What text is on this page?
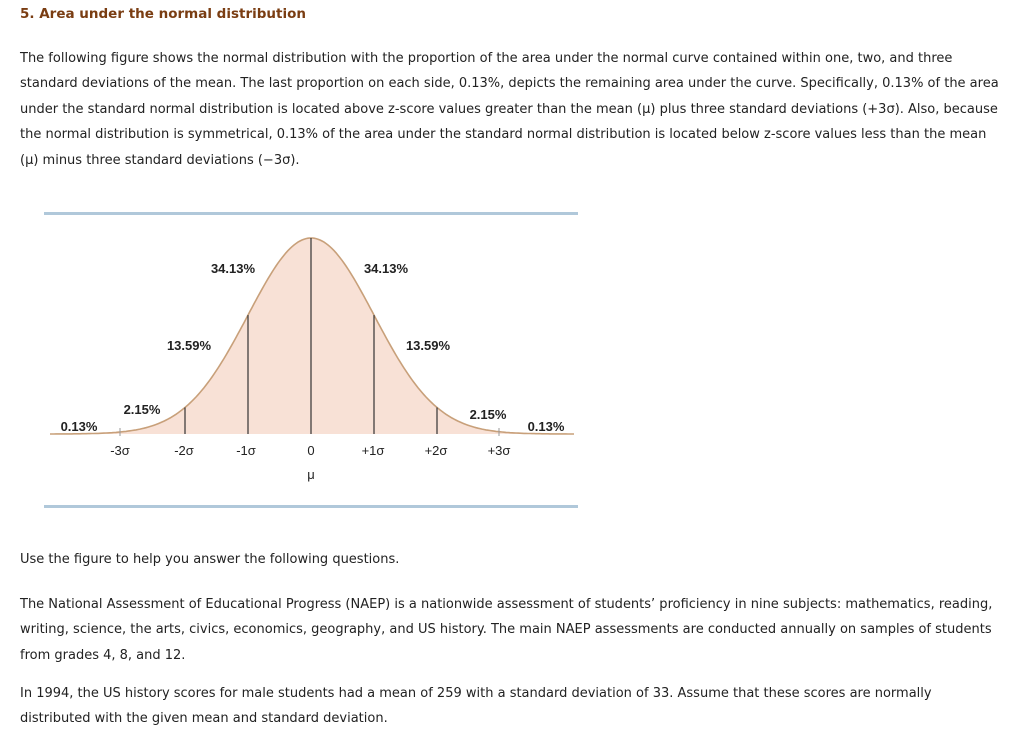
5. Area under the normal distribution
The following figure shows the normal distribution with the proportion of the area under the normal curve contained within one, two, and three standard deviations of the mean. The last proportion on each side, 0.13%, depicts the remaining area under the curve. Specifically, 0.13% of the area under the standard normal distribution is located above z-score values greater than the mean (μ) plus three standard deviations (+3σ). Also, because the normal distribution is symmetrical, 0.13% of the area under the standard normal distribution is located below z-score values less than the mean (μ) minus three standard deviations (−3σ).
34.13%	34.13%
13.59%	13.59%
2.15%	2.15%
0.13%	0.13%
-3σ	-2σ	-1σ	0	+1σ	+2σ	+3σ
μ
Use the figure to help you answer the following questions.
The National Assessment of Educational Progress (NAEP) is a nationwide assessment of students’ proficiency in nine subjects: mathematics, reading, writing, science, the arts, civics, economics, geography, and US history. The main NAEP assessments are conducted annually on samples of students from grades 4, 8, and 12.
In 1994, the US history scores for male students had a mean of 259 with a standard deviation of 33. Assume that these scores are normally distributed with the given mean and standard deviation.
